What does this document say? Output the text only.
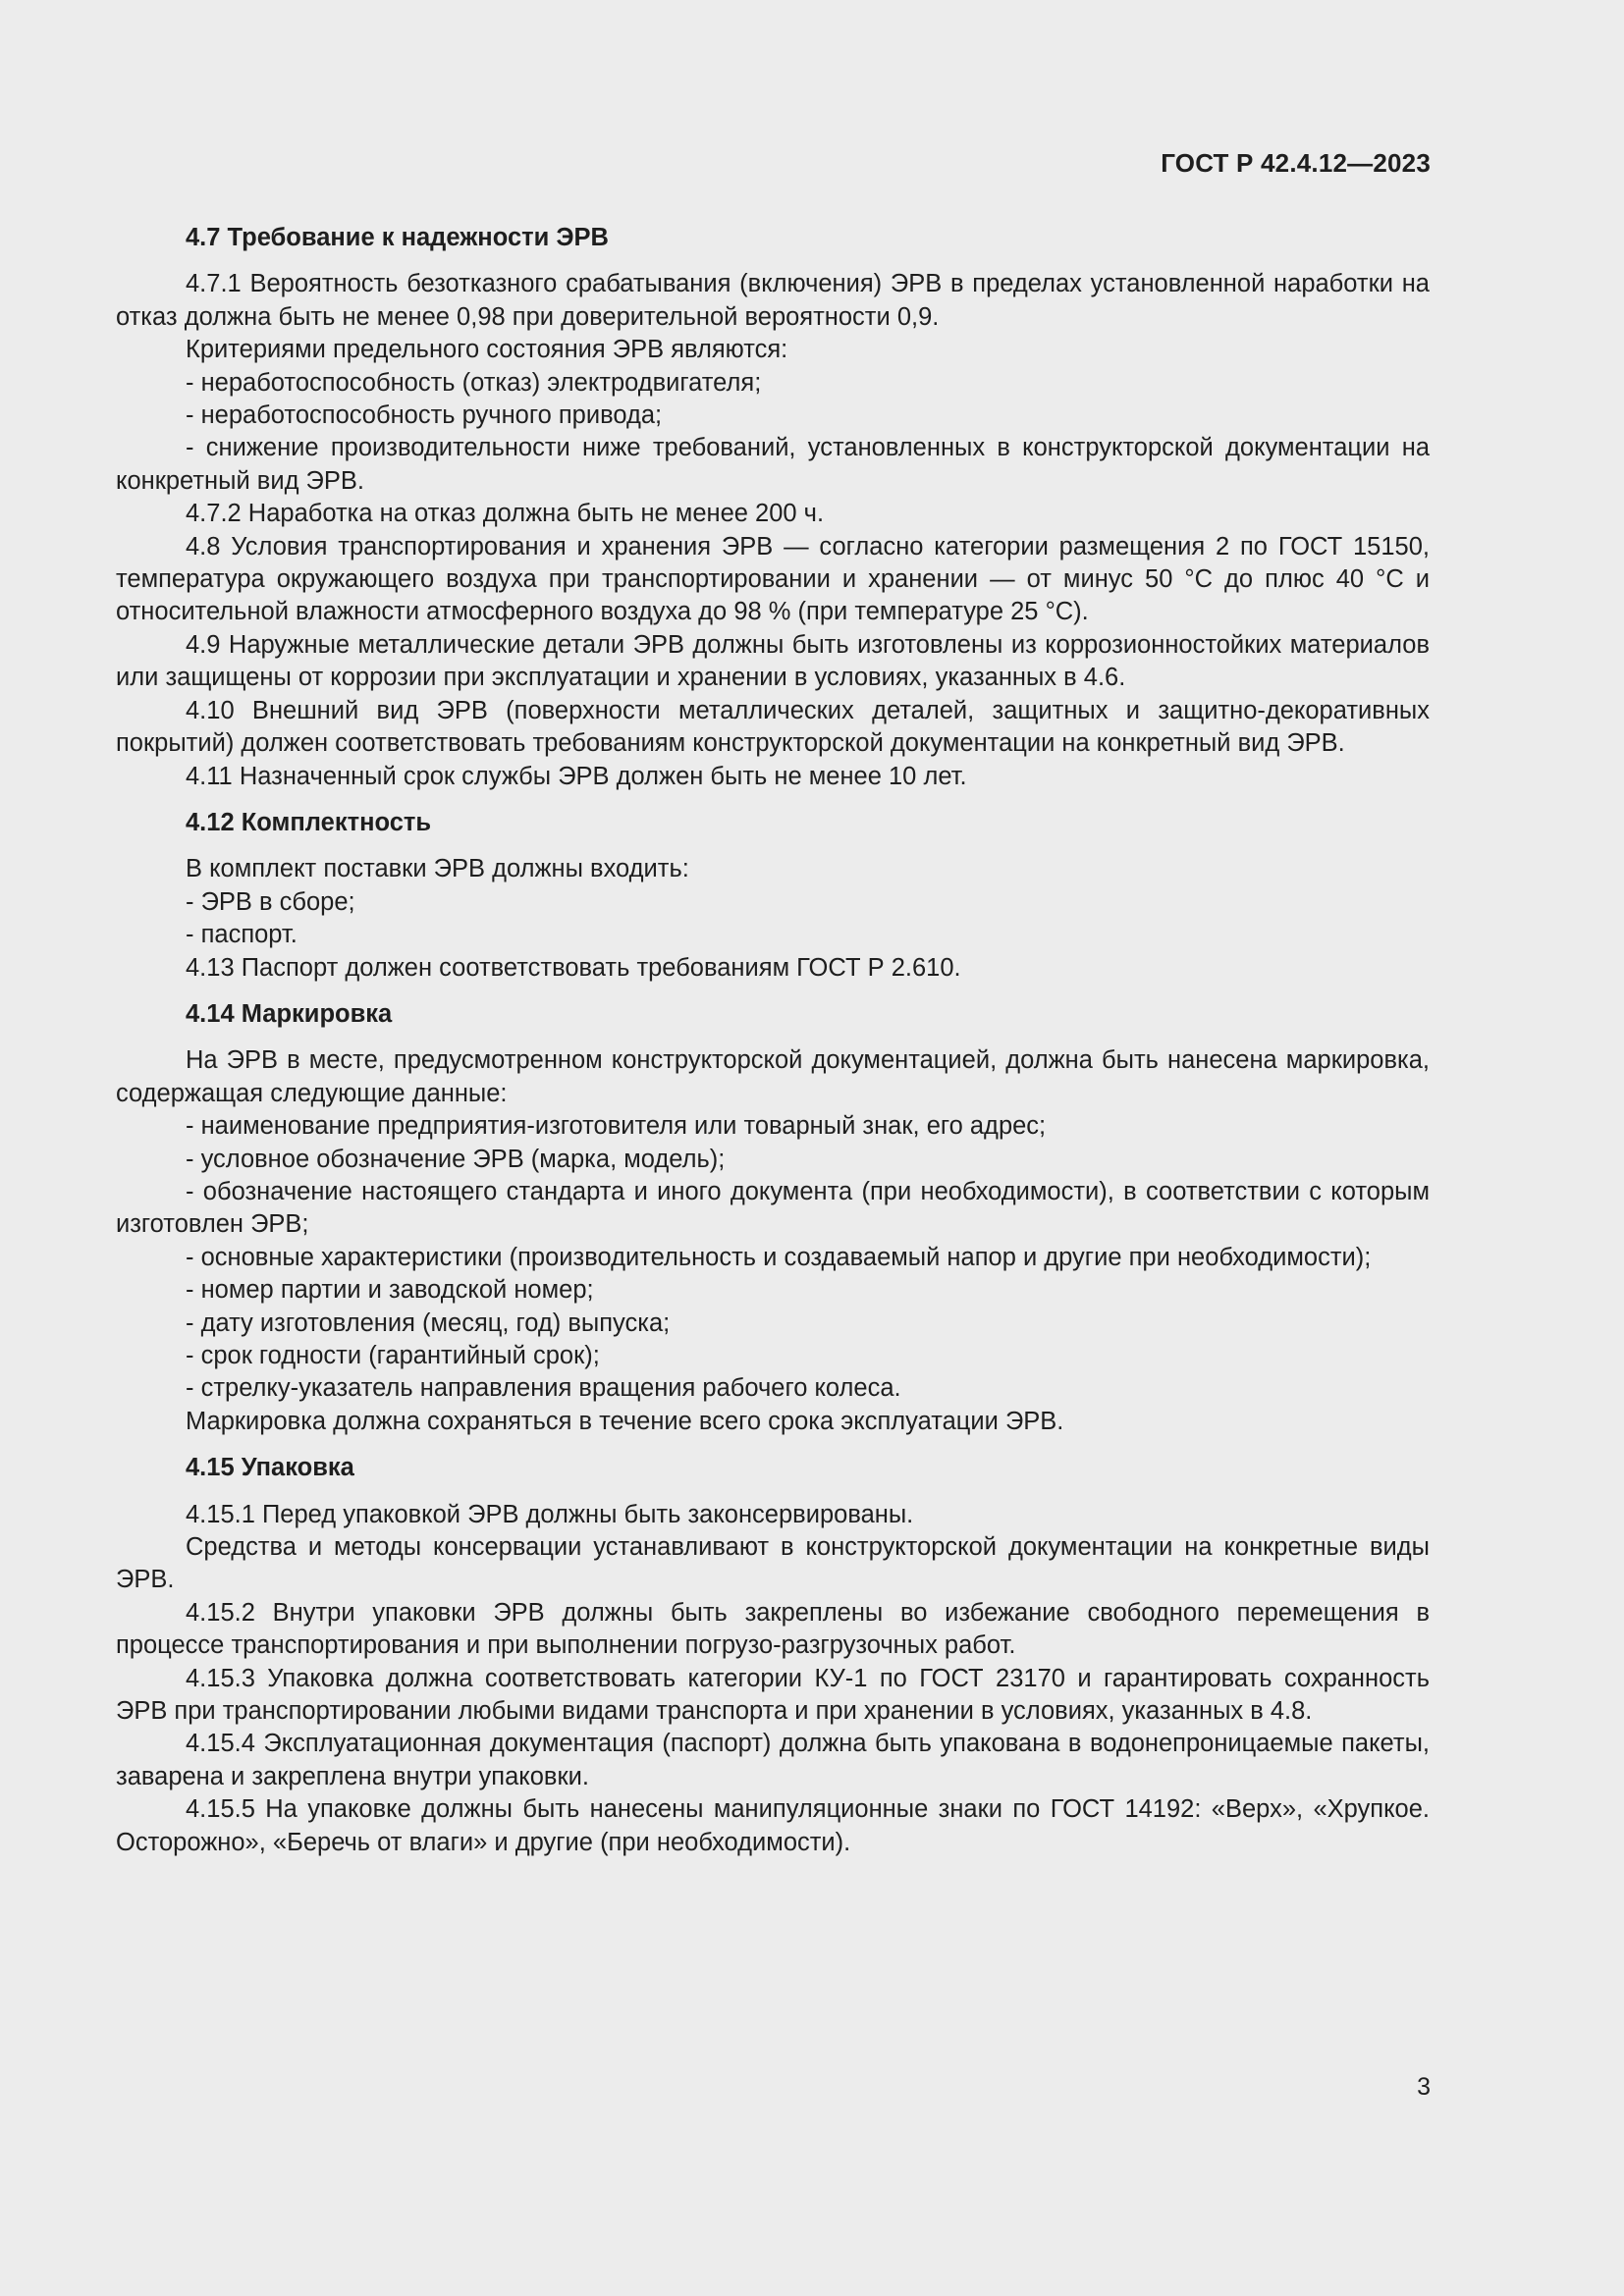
ГОСТ Р 42.4.12—2023

4.7 Требование к надежности ЭРВ

4.7.1 Вероятность безотказного срабатывания (включения) ЭРВ в пределах установленной наработки на отказ должна быть не менее 0,98 при доверительной вероятности 0,9.

Критериями предельного состояния ЭРВ являются:

- неработоспособность (отказ) электродвигателя;

- неработоспособность ручного привода;

- снижение производительности ниже требований, установленных в конструкторской документации на конкретный вид ЭРВ.

4.7.2 Наработка на отказ должна быть не менее 200 ч.

4.8 Условия транспортирования и хранения ЭРВ — согласно категории размещения 2 по ГОСТ 15150, температура окружающего воздуха при транспортировании и хранении — от минус 50 °С до плюс 40 °С и относительной влажности атмосферного воздуха до 98 % (при температуре 25 °С).

4.9 Наружные металлические детали ЭРВ должны быть изготовлены из коррозионностойких материалов или защищены от коррозии при эксплуатации и хранении в условиях, указанных в 4.6.

4.10 Внешний вид ЭРВ (поверхности металлических деталей, защитных и защитно-декоративных покрытий) должен соответствовать требованиям конструкторской документации на конкретный вид ЭРВ.

4.11 Назначенный срок службы ЭРВ должен быть не менее 10 лет.

4.12 Комплектность

В комплект поставки ЭРВ должны входить:

- ЭРВ в сборе;

- паспорт.

4.13 Паспорт должен соответствовать требованиям ГОСТ Р 2.610.

4.14 Маркировка

На ЭРВ в месте, предусмотренном конструкторской документацией, должна быть нанесена маркировка, содержащая следующие данные:

- наименование предприятия-изготовителя или товарный знак, его адрес;

- условное обозначение ЭРВ (марка, модель);

- обозначение настоящего стандарта и иного документа (при необходимости), в соответствии с которым изготовлен ЭРВ;

- основные характеристики (производительность и создаваемый напор и другие при необходимости);

- номер партии и заводской номер;

- дату изготовления (месяц, год) выпуска;

- срок годности (гарантийный срок);

- стрелку-указатель направления вращения рабочего колеса.

Маркировка должна сохраняться в течение всего срока эксплуатации ЭРВ.

4.15 Упаковка

4.15.1 Перед упаковкой ЭРВ должны быть законсервированы.

Средства и методы консервации устанавливают в конструкторской документации на конкретные виды ЭРВ.

4.15.2 Внутри упаковки ЭРВ должны быть закреплены во избежание свободного перемещения в процессе транспортирования и при выполнении погрузо-разгрузочных работ.

4.15.3 Упаковка должна соответствовать категории КУ-1 по ГОСТ 23170 и гарантировать сохранность ЭРВ при транспортировании любыми видами транспорта и при хранении в условиях, указанных в 4.8.

4.15.4 Эксплуатационная документация (паспорт) должна быть упакована в водонепроницаемые пакеты, заварена и закреплена внутри упаковки.

4.15.5 На упаковке должны быть нанесены манипуляционные знаки по ГОСТ 14192: «Верх», «Хрупкое. Осторожно», «Беречь от влаги» и другие (при необходимости).

3
